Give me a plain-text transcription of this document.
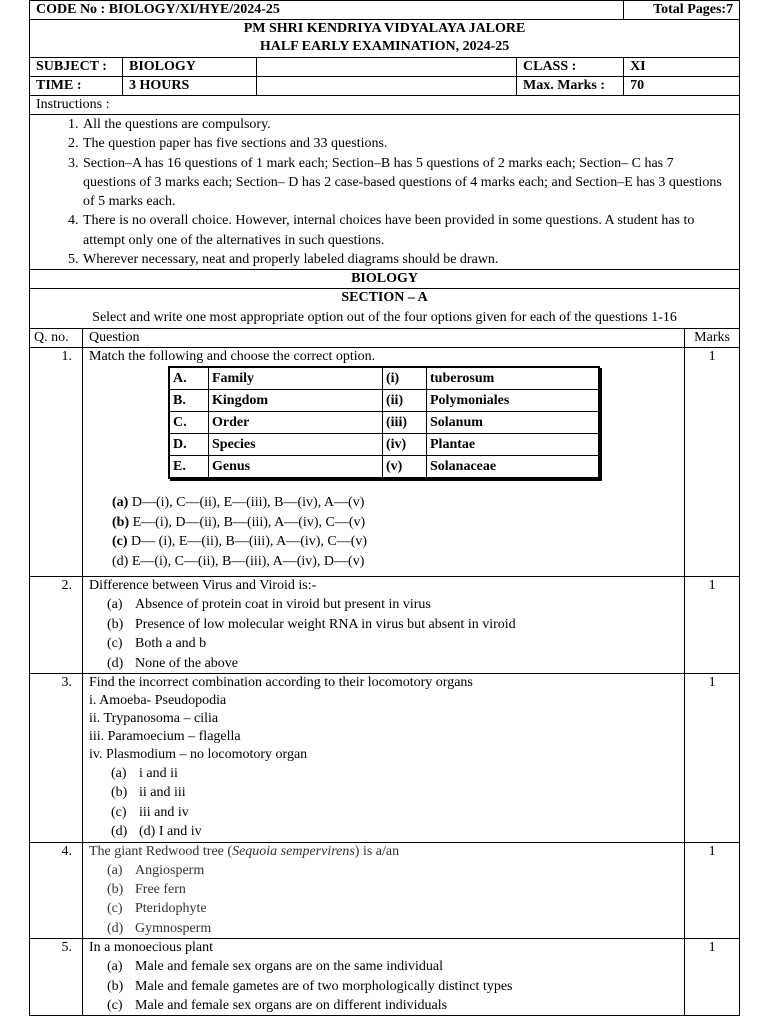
CODE No : BIOLOGY/XI/HYE/2024-25	Total Pages:7

PM SHRI KENDRIYA VIDYALAYA JALORE
HALF EARLY EXAMINATION, 2024-25

SUBJECT :	BIOLOGY		CLASS :	XI
TIME :	3 HOURS		Max. Marks :	70
Instructions :

1. All the questions are compulsory.
2. The question paper has five sections and 33 questions.
3. Section–A has 16 questions of 1 mark each; Section–B has 5 questions of 2 marks each; Section– C has 7 questions of 3 marks each; Section– D has 2 case-based questions of 4 marks each; and Section–E has 3 questions of 5 marks each.
4. There is no overall choice. However, internal choices have been provided in some questions. A student has to attempt only one of the alternatives in such questions.
5. Wherever necessary, neat and properly labeled diagrams should be drawn.

BIOLOGY

SECTION – A
Select and write one most appropriate option out of the four options given for each of the questions 1-16

Q. no.	Question	Marks
1.	Match the following and choose the correct option.
A.	Family	(i)	tuberosum
B.	Kingdom	(ii)	Polymoniales
C.	Order	(iii)	Solanum
D.	Species	(iv)	Plantae
E.	Genus	(v)	Solanaceae
(a) D—(i), C—(ii), E—(iii), B—(iv), A—(v)
(b) E—(i), D—(ii), B—(iii), A—(iv), C—(v)
(c) D— (i), E—(ii), B—(iii), A—(iv), C—(v)
(d) E—(i), C—(ii), B—(iii), A—(iv), D—(v)
	1
2.	Difference between Virus and Viroid is:-
(a) Absence of protein coat in viroid but present in virus
(b) Presence of low molecular weight RNA in virus but absent in viroid
(c) Both a and b
(d) None of the above
	1
3.	Find the incorrect combination according to their locomotory organs
i. Amoeba- Pseudopodia
ii. Trypanosoma – cilia
iii. Paramoecium – flagella
iv. Plasmodium – no locomotory organ
(a) i and ii
(b) ii and iii
(c) iii and iv
(d) (d) I and iv
	1
4.	The giant Redwood tree (Sequoia sempervirens) is a/an
(a) Angiosperm
(b) Free fern
(c) Pteridophyte
(d) Gymnosperm
	1
5.	In a monoecious plant
(a) Male and female sex organs are on the same individual
(b) Male and female gametes are of two morphologically distinct types
(c) Male and female sex organs are on different individuals
	1
